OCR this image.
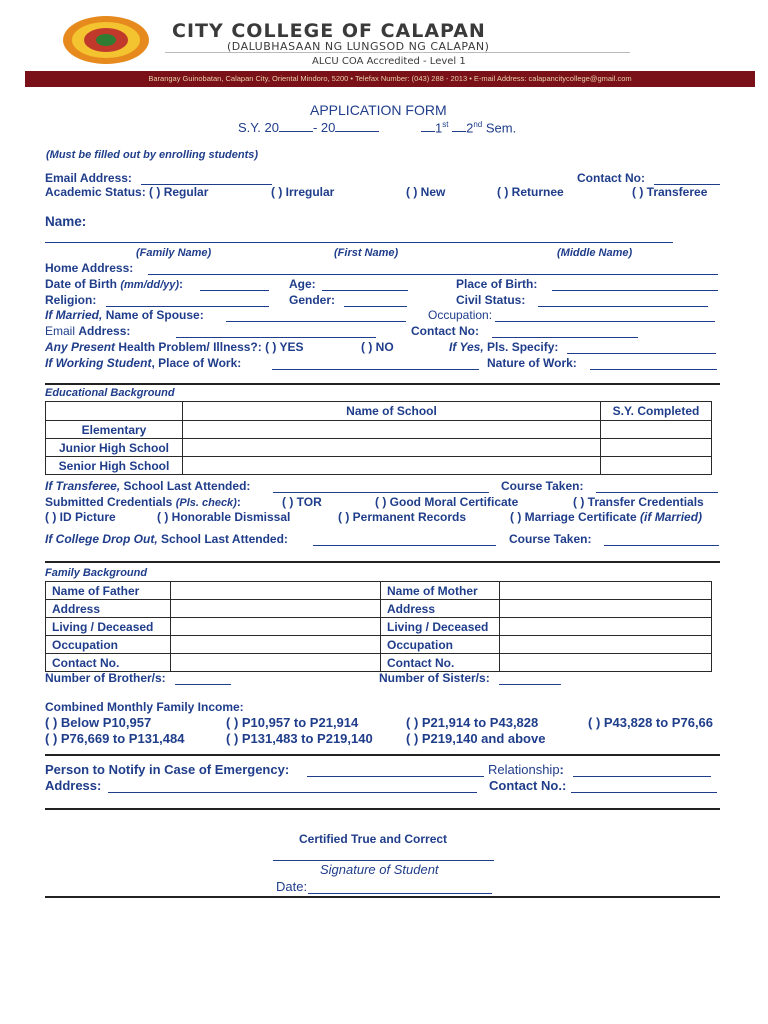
CITY COLLEGE OF CALAPAN
(DALUBHASAAN NG LUNGSOD NG CALAPAN)
ALCU COA Accredited - Level 1
Barangay Guinobatan, Calapan City, Oriental Mindoro, 5200 • Telefax Number: (043) 288 - 2013 • E-mail Address: calapancitycollege@gmail.com
APPLICATION FORM
S.Y. 20	- 20	1st 2nd Sem.
(Must be filled out by enrolling students)
Email Address:	Contact No:
Academic Status: ( ) Regular	( ) Irregular	( ) New	( ) Returnee	( ) Transferee
Name:
(Family Name)	(First Name)	(Middle Name)
Home Address:
Date of Birth (mm/dd/yy):	Age:	Place of Birth:
Religion:	Gender:	Civil Status:
If Married, Name of Spouse:	Occupation:
Email Address:	Contact No:
Any Present Health Problem/ Illness?: ( ) YES	( ) NO	If Yes, Pls. Specify:
If Working Student, Place of Work:	Nature of Work:
Educational Background
	Name of School	S.Y. Completed
Elementary		
Junior High School		
Senior High School		
If Transferee, School Last Attended:	Course Taken:
Submitted Credentials (Pls. check):	( ) TOR	( ) Good Moral Certificate	( ) Transfer Credentials
( ) ID Picture	( ) Honorable Dismissal	( ) Permanent Records	( ) Marriage Certificate (if Married)
If College Drop Out, School Last Attended:	Course Taken:
Family Background
Name of Father		Name of Mother	
Address		Address	
Living / Deceased		Living / Deceased	
Occupation		Occupation	
Contact No.		Contact No.	
Number of Brother/s:	Number of Sister/s:
Combined Monthly Family Income:
( ) Below P10,957	( ) P10,957 to P21,914	( ) P21,914 to P43,828	( ) P43,828 to P76,66
( ) P76,669 to P131,484	( ) P131,483 to P219,140	( ) P219,140 and above
Person to Notify in Case of Emergency:	Relationship:
Address:	Contact No.:
Certified True and Correct
Signature of Student
Date:
